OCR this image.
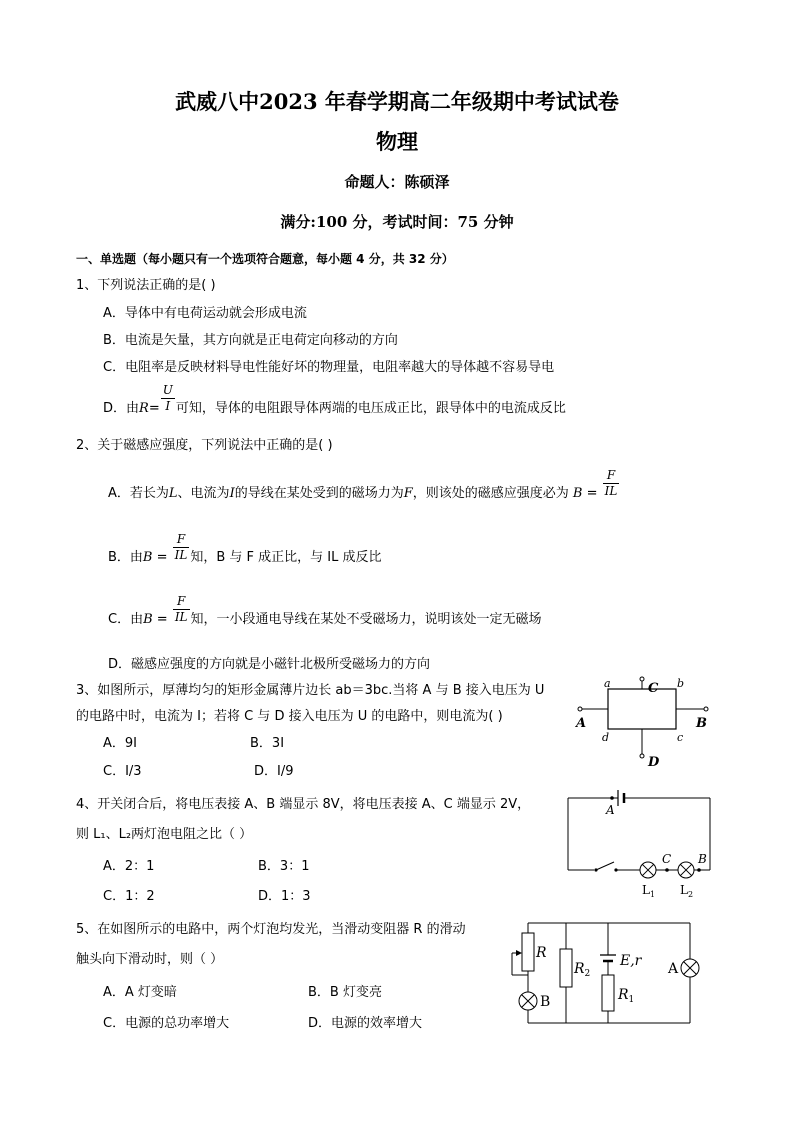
武威八中2023 年春学期高二年级期中考试试卷
物理
命题人：陈硕泽
满分:100 分，考试时间：75 分钟
一、单选题（每小题只有一个选项符合题意，每小题 4 分，共 32 分）
1、下列说法正确的是( )
A．导体中有电荷运动就会形成电流
B．电流是矢量，其方向就是正电荷定向移动的方向
C．电阻率是反映材料导电性能好坏的物理量，电阻率越大的导体越不容易导电
D．由$R= \frac{U}{I}$ 可知，导体的电阻跟导体两端的电压成正比，跟导体中的电流成反比
2、关于磁感应强度，下列说法中正确的是( )
A．若长为L、电流为I的导线在某处受到的磁场力为F，则该处的磁感应强度必为 $B = \frac{F}{IL}$
B．由$B = \frac{F}{IL}$ 知，B 与 F 成正比，与 IL 成反比
C．由$B = \frac{F}{IL}$ 知，一小段通电导线在某处不受磁场力，说明该处一定无磁场
D．磁感应强度的方向就是小磁针北极所受磁场力的方向
3、如图所示，厚薄均匀的矩形金属薄片边长 ab＝3bc.当将 A 与 B 接入电压为 U
的电路中时，电流为 I；若将 C 与 D 接入电压为 U 的电路中，则电流为( )
A．9I	B．3I
C．I/3	D．I/9
C
D
A	B
a	b
c
d
4、开关闭合后，将电压表接 A、B 端显示 8V，将电压表接 A、C 端显示 2V，
则 L₁、L₂两灯泡电阻之比（ ）
A．2：1	B．3：1
C．1：2	D．1：3
A
C B
$L_1$ $L_2$
5、在如图所示的电路中，两个灯泡均发光，当滑动变阻器 R 的滑动
触头向下滑动时，则（ ）
A．A 灯变暗	B．B 灯变亮
C．电源的总功率增大	D．电源的效率增大
R
$R_2$
E,r
$R_1$
A
B
